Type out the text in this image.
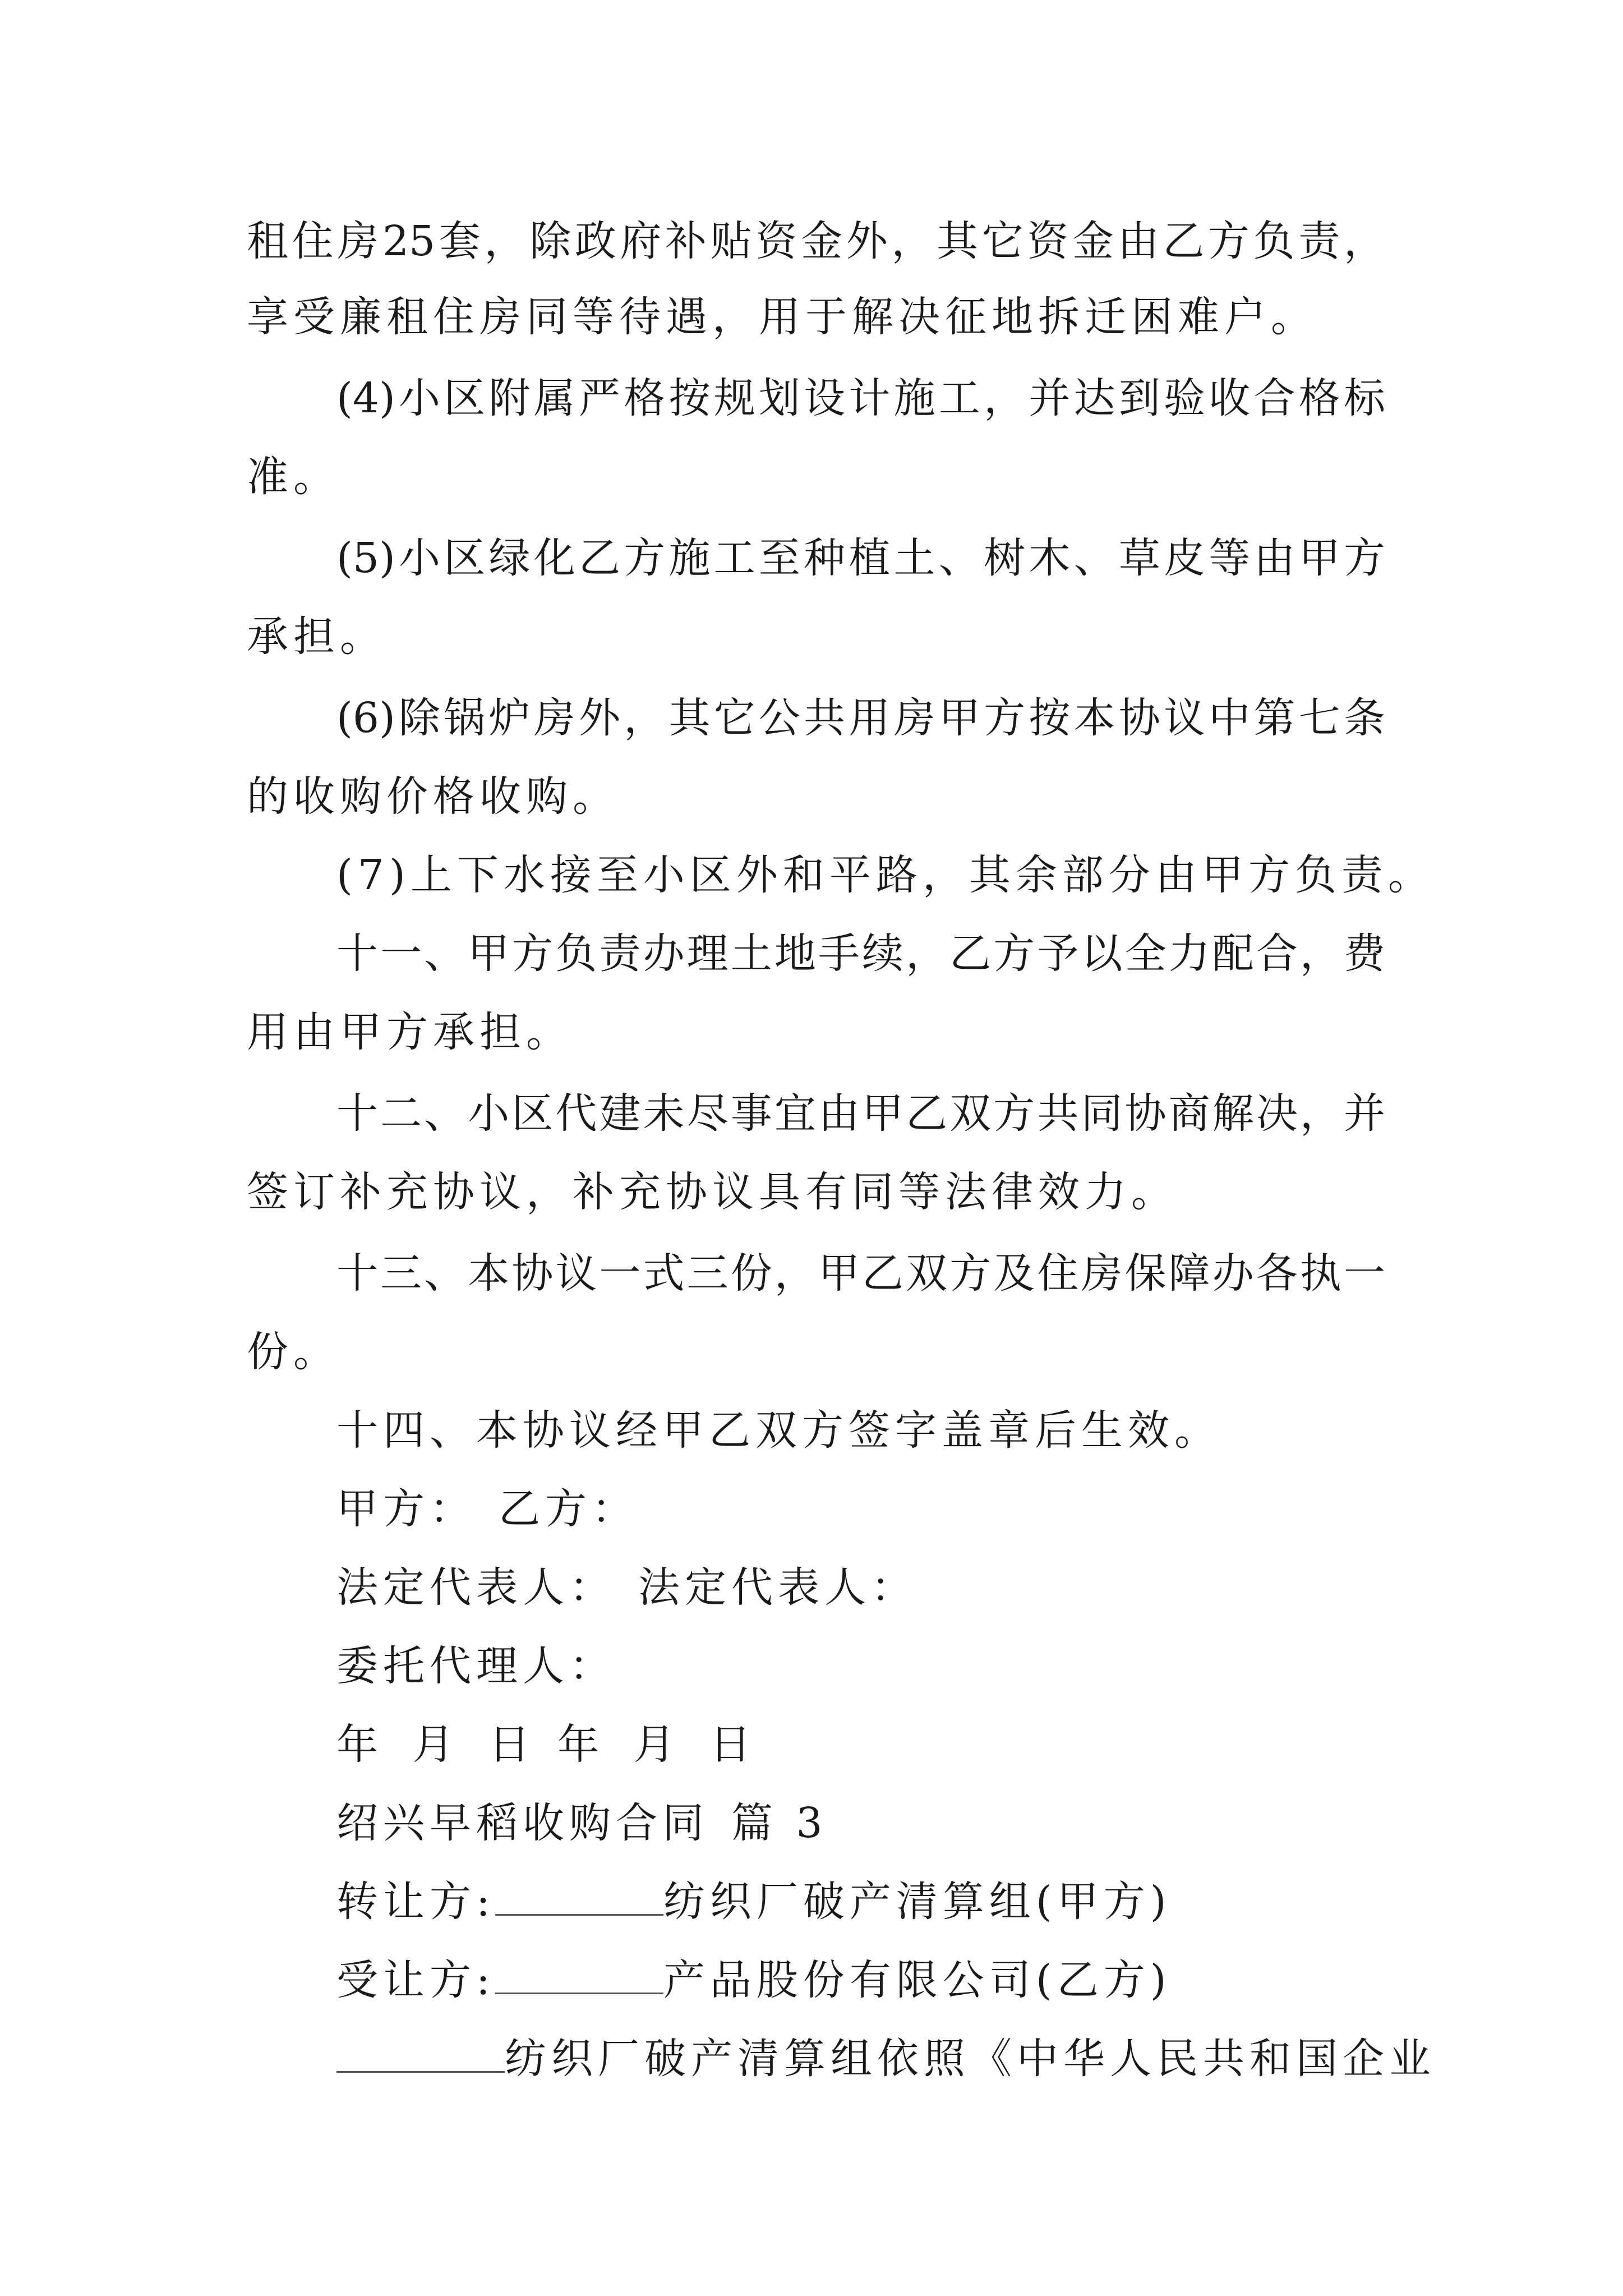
租住房25套，除政府补贴资金外，其它资金由乙方负责，
享受廉租住房同等待遇，用于解决征地拆迁困难户。
(4)小区附属严格按规划设计施工，并达到验收合格标
准。
(5)小区绿化乙方施工至种植土、树木、草皮等由甲方
承担。
(6)除锅炉房外，其它公共用房甲方按本协议中第七条
的收购价格收购。
(7)上下水接至小区外和平路，其余部分由甲方负责。
十一、甲方负责办理土地手续，乙方予以全力配合，费
用由甲方承担。
十二、小区代建未尽事宜由甲乙双方共同协商解决，并
签订补充协议，补充协议具有同等法律效力。
十三、本协议一式三份，甲乙双方及住房保障办各执一
份。
十四、本协议经甲乙双方签字盖章后生效。
甲方： 乙方：
法定代表人： 法定代表人：
委托代理人：
年 月 日 年 月 日
绍兴早稻收购合同 篇 3
转让方:	纺织厂破产清算组(甲方)
受让方:	产品股份有限公司(乙方)
纺织厂破产清算组依照《中华人民共和国企业
